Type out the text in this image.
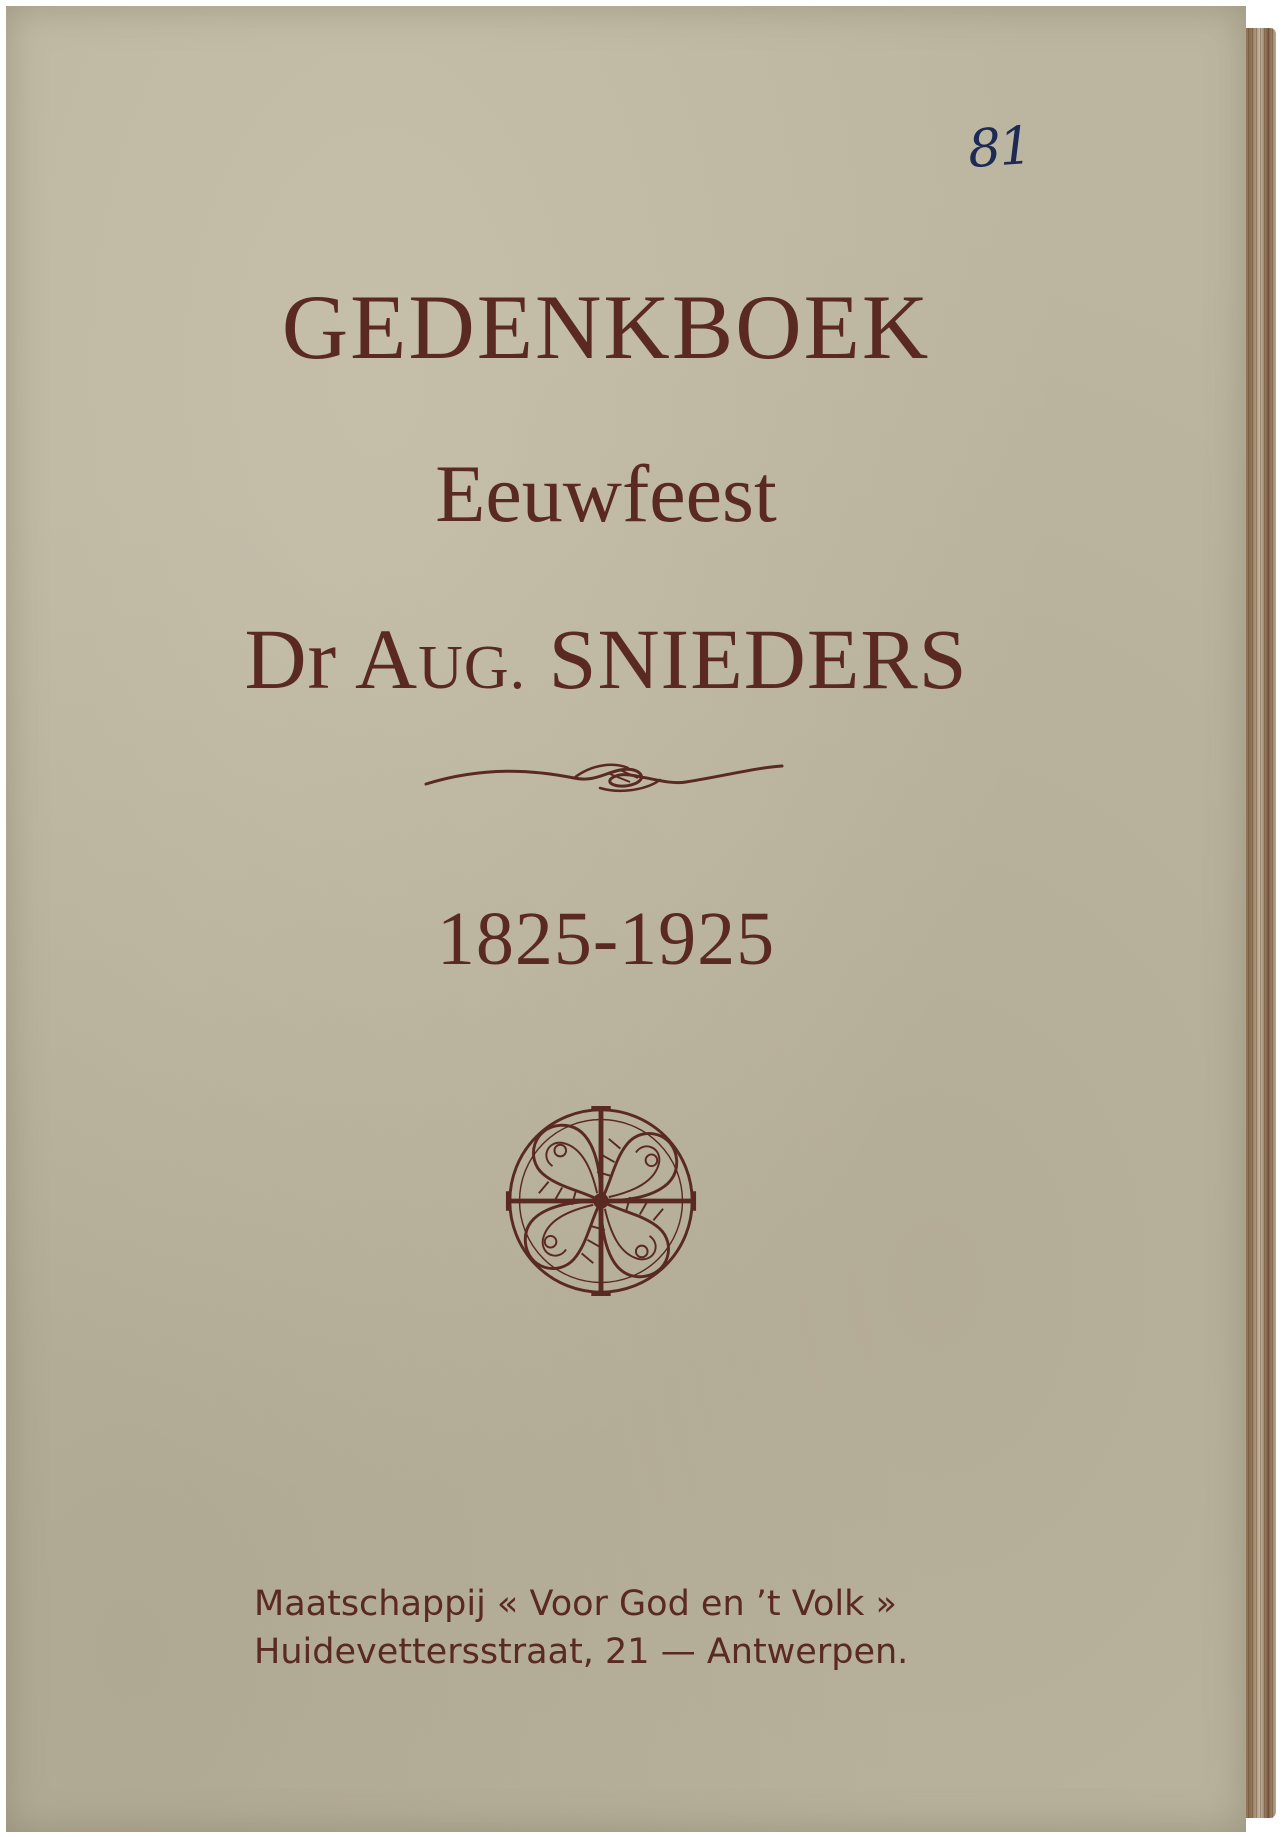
81
GEDENKBOEK
Eeuwfeest
Dr AUG. SNIEDERS
1825-1925
Maatschappij « Voor God en ’t Volk »
Huidevettersstraat, 21 — Antwerpen.
